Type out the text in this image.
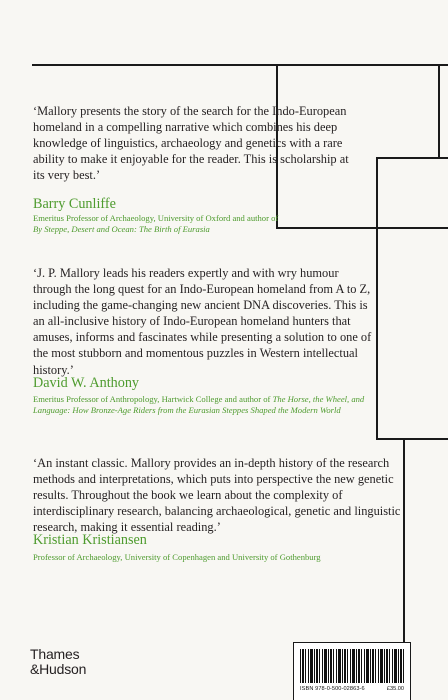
‘Mallory presents the story of the search for the Indo-European homeland in a compelling narrative which combines his deep knowledge of linguistics, archaeology and genetics with a rare ability to make it enjoyable for the reader. This is scholarship at its very best.’

Barry Cunliffe
Emeritus Professor of Archaeology, University of Oxford and author of
By Steppe, Desert and Ocean: The Birth of Eurasia

‘J. P. Mallory leads his readers expertly and with wry humour through the long quest for an Indo-European homeland from A to Z, including the game-changing new ancient DNA discoveries. This is an all-inclusive history of Indo-European homeland hunters that amuses, informs and fascinates while presenting a solution to one of the most stubborn and momentous puzzles in Western intellectual history.’

David W. Anthony
Emeritus Professor of Anthropology, Hartwick College and author of The Horse, the Wheel, and Language: How Bronze-Age Riders from the Eurasian Steppes Shaped the Modern World

‘An instant classic. Mallory provides an in-depth history of the research methods and interpretations, which puts into perspective the new genetic results. Throughout the book we learn about the complexity of interdisciplinary research, balancing archaeological, genetic and linguistic research, making it essential reading.’

Kristian Kristiansen
Professor of Archaeology, University of Copenhagen and University of Gothenburg
Thames
&Hudson
ISBN 978-0-500-02863-6	£35.00
